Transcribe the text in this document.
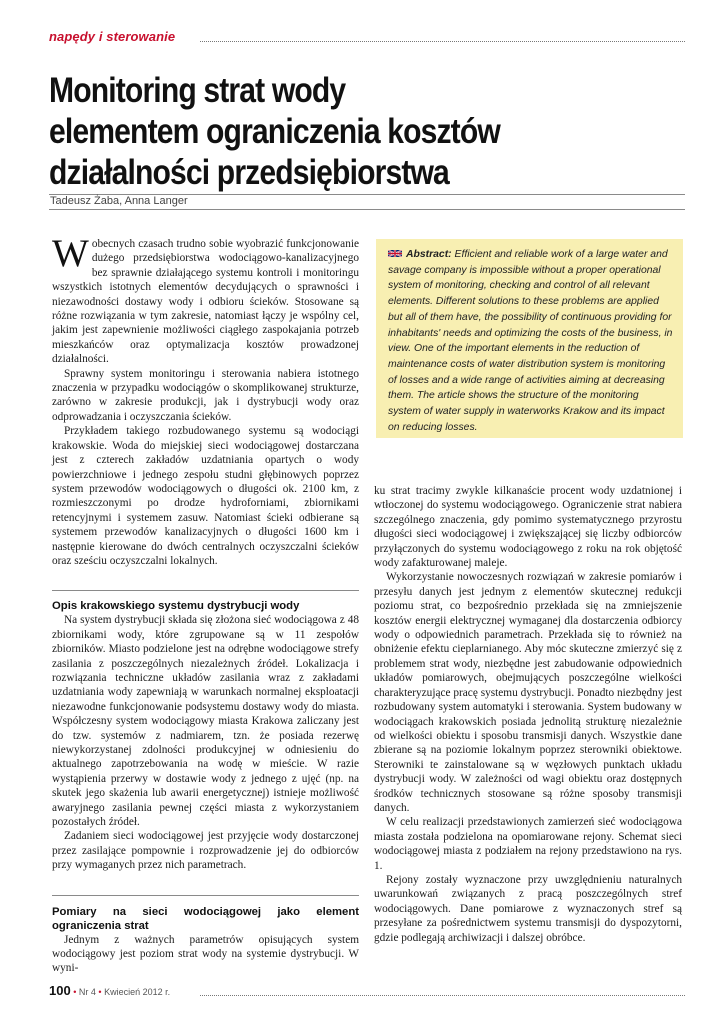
napędy i sterowanie
Monitoring strat wody
elementem ograniczenia kosztów
działalności przedsiębiorstwa
Tadeusz Żaba, Anna Langer

Wobecnych czasach trudno sobie wyobrazić funkcjonowanie dużego przedsiębiorstwa wodociągowo-kanalizacyjnego bez sprawnie działającego systemu kontroli i monitoringu wszystkich istotnych elementów decydujących o sprawności i niezawodności dostawy wody i odbioru ścieków. Stosowane są różne rozwiązania w tym zakresie, natomiast łączy je wspólny cel, jakim jest zapewnienie możliwości ciągłego zaspokajania potrzeb mieszkańców oraz optymalizacja kosztów prowadzonej działalności.

Sprawny system monitoringu i sterowania nabiera istotnego znaczenia w przypadku wodociągów o skomplikowanej strukturze, zarówno w zakresie produkcji, jak i dystrybucji wody oraz odprowadzania i oczyszczania ścieków.

Przykładem takiego rozbudowanego systemu są wodociągi krakowskie. Woda do miejskiej sieci wodociągowej dostarczana jest z czterech zakładów uzdatniania opartych o wody powierzchniowe i jednego zespołu studni głębinowych poprzez system przewodów wodociągowych o długości ok. 2100 km, z rozmieszczonymi po drodze hydroforniami, zbiornikami retencyjnymi i systemem zasuw. Natomiast ścieki odbierane są systemem przewodów kanalizacyjnych o długości 1600 km i następnie kierowane do dwóch centralnych oczyszczalni ścieków oraz sześciu oczyszczalni lokalnych.

Opis krakowskiego systemu dystrybucji wody

Na system dystrybucji składa się złożona sieć wodociągowa z 48 zbiornikami wody, które zgrupowane są w 11 zespołów zbiorników. Miasto podzielone jest na odrębne wodociągowe strefy zasilania z poszczególnych niezależnych źródeł. Lokalizacja i rozwiązania techniczne układów zasilania wraz z zakładami uzdatniania wody zapewniają w warunkach normalnej eksploatacji niezawodne funkcjonowanie podsystemu dostawy wody do miasta. Współczesny system wodociągowy miasta Krakowa zaliczany jest do tzw. systemów z nadmiarem, tzn. że posiada rezerwę niewykorzystanej zdolności produkcyjnej w odniesieniu do aktualnego zapotrzebowania na wodę w mieście. W razie wystąpienia przerwy w dostawie wody z jednego z ujęć (np. na skutek jego skażenia lub awarii energetycznej) istnieje możliwość awaryjnego zasilania pewnej części miasta z wykorzystaniem pozostałych źródeł.

Zadaniem sieci wodociągowej jest przyjęcie wody dostarczonej przez zasilające pompownie i rozprowadzenie jej do odbiorców przy wymaganych przez nich parametrach.

Pomiary na sieci wodociągowej jako element ograniczenia strat

Jednym z ważnych parametrów opisujących system wodociągowy jest poziom strat wody na systemie dystrybucji. W wyni-

Abstract: Efficient and reliable work of a large water and savage company is impossible without a proper operational system of monitoring, checking and control of all relevant elements. Different solutions to these problems are applied but all of them have, the possibility of continuous providing for inhabitants' needs and optimizing the costs of the business, in view. One of the important elements in the reduction of maintenance costs of water distribution system is monitoring of losses and a wide range of activities aiming at decreasing them. The article shows the structure of the monitoring system of water supply in waterworks Krakow and its impact on reducing losses.

ku strat tracimy zwykle kilkanaście procent wody uzdatnionej i wtłoczonej do systemu wodociągowego. Ograniczenie strat nabiera szczególnego znaczenia, gdy pomimo systematycznego przyrostu długości sieci wodociągowej i zwiększającej się liczby odbiorców przyłączonych do systemu wodociągowego z roku na rok objętość wody zafakturowanej maleje.

Wykorzystanie nowoczesnych rozwiązań w zakresie pomiarów i przesyłu danych jest jednym z elementów skutecznej redukcji poziomu strat, co bezpośrednio przekłada się na zmniejszenie kosztów energii elektrycznej wymaganej dla dostarczenia odbiorcy wody o odpowiednich parametrach. Przekłada się to również na obniżenie efektu cieplarnianego. Aby móc skuteczne zmierzyć się z problemem strat wody, niezbędne jest zabudowanie odpowiednich układów pomiarowych, obejmujących poszczególne wielkości charakteryzujące pracę systemu dystrybucji. Ponadto niezbędny jest rozbudowany system automatyki i sterowania. System budowany w wodociągach krakowskich posiada jednolitą strukturę niezależnie od wielkości obiektu i sposobu transmisji danych. Wszystkie dane zbierane są na poziomie lokalnym poprzez sterowniki obiektowe. Sterowniki te zainstalowane są w węzłowych punktach układu dystrybucji wody. W zależności od wagi obiektu oraz dostępnych środków technicznych stosowane są różne sposoby transmisji danych.

W celu realizacji przedstawionych zamierzeń sieć wodociągowa miasta została podzielona na opomiarowane rejony. Schemat sieci wodociągowej miasta z podziałem na rejony przedstawiono na rys. 1.

Rejony zostały wyznaczone przy uwzględnieniu naturalnych uwarunkowań związanych z pracą poszczególnych stref wodociągowych. Dane pomiarowe z wyznaczonych stref są przesyłane za pośrednictwem systemu transmisji do dyspozytorni, gdzie podlegają archiwizacji i dalszej obróbce.

100 • Nr 4 • Kwiecień 2012 r.
